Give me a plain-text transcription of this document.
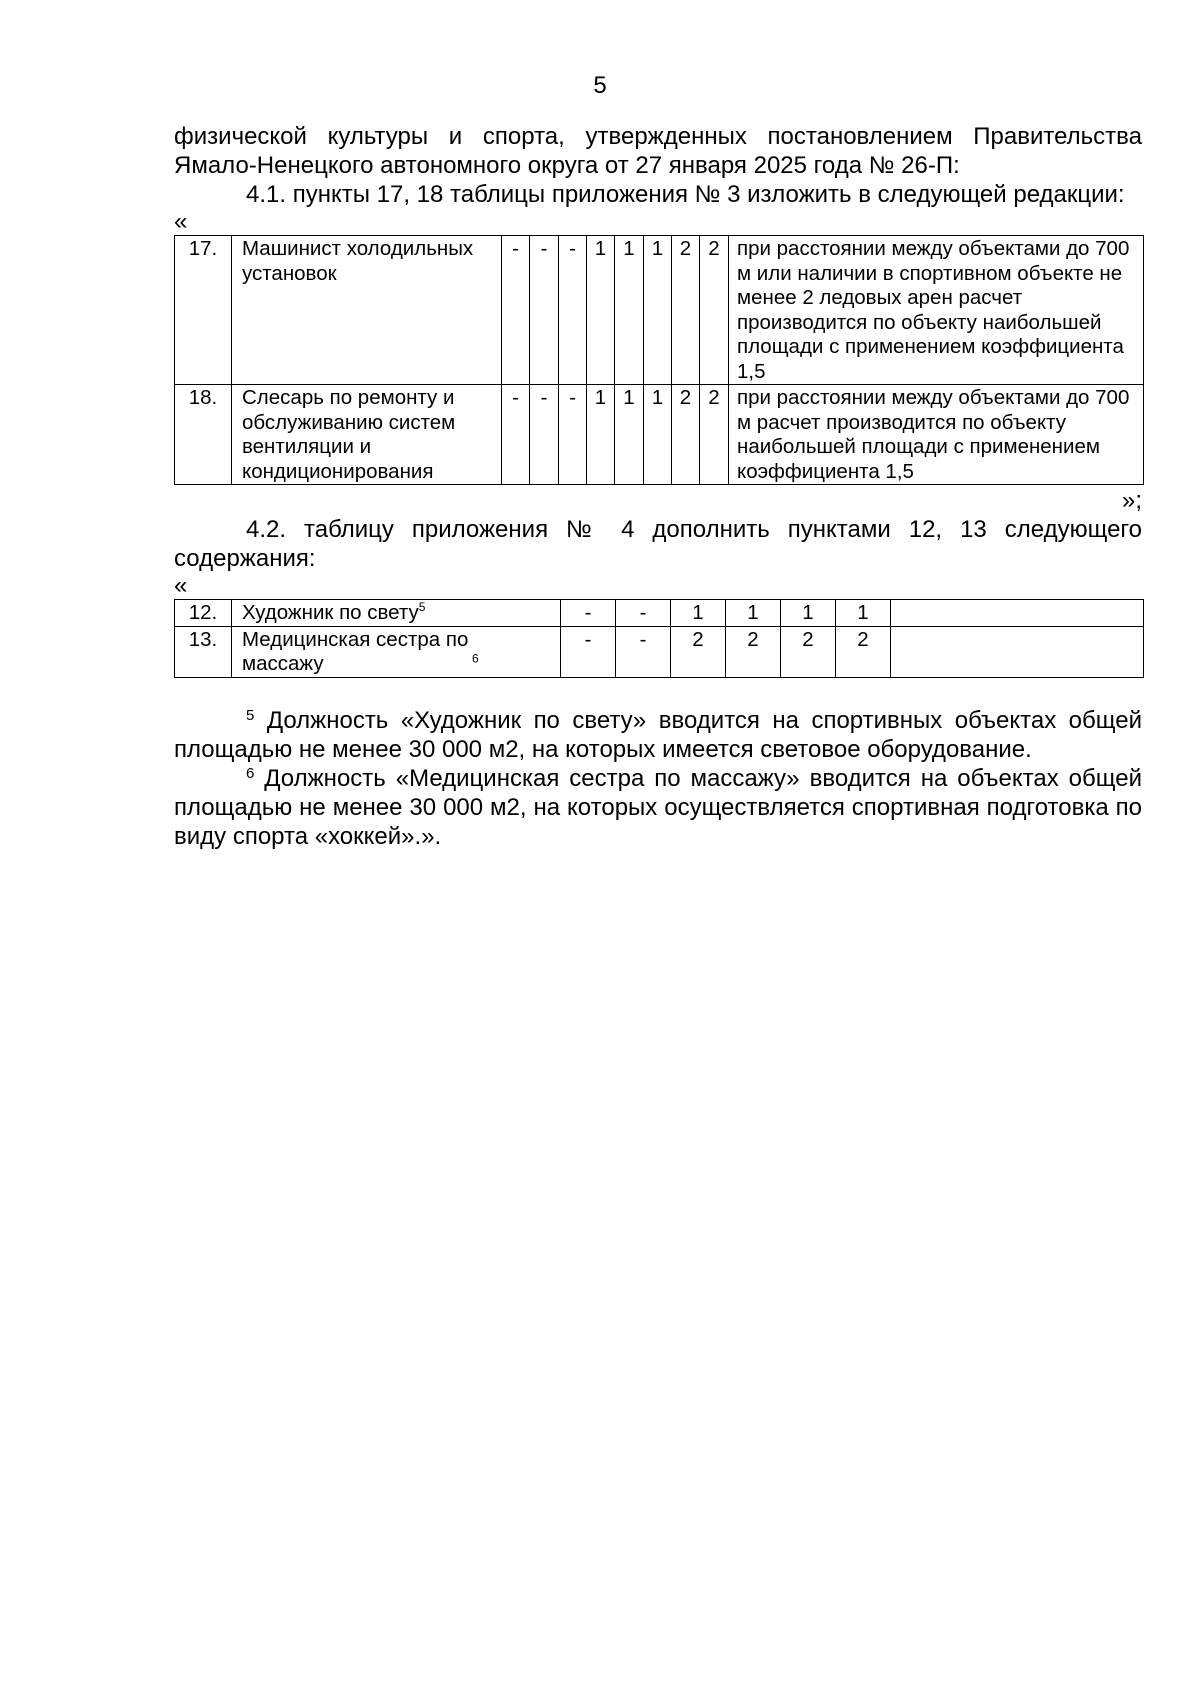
5

физической культуры и спорта, утвержденных постановлением Правительства Ямало-Ненецкого автономного округа от 27 января 2025 года № 26-П:

4.1. пункты 17, 18 таблицы приложения № 3 изложить в следующей редакции:

«
17.	Машинист холодильных установок	-	-	-	1	1	1	2	2	при расстоянии между объектами до 700 м или наличии в спортивном объекте не менее 2 ледовых арен расчет производится по объекту наибольшей площади с применением коэффициента 1,5
18.	Слесарь по ремонту и обслуживанию систем вентиляции и кондиционирования	-	-	-	1	1	1	2	2	при расстоянии между объектами до 700 м расчет производится по объекту наибольшей площади с применением коэффициента 1,5
»;

4.2. таблицу приложения № 4 дополнить пунктами 12, 13 следующего содержания:

«
12.	Художник по свету$^5$	-	-	1	1	1	1	
13.	Медицинская сестра по массажу $^6$	-	-	2	2	2	2	

$^5$ Должность «Художник по свету» вводится на спортивных объектах общей площадью не менее 30 000 м2, на которых имеется световое оборудование.

$^6$ Должность «Медицинская сестра по массажу» вводится на объектах общей площадью не менее 30 000 м2, на которых осуществляется спортивная подготовка по виду спорта «хоккей».».
